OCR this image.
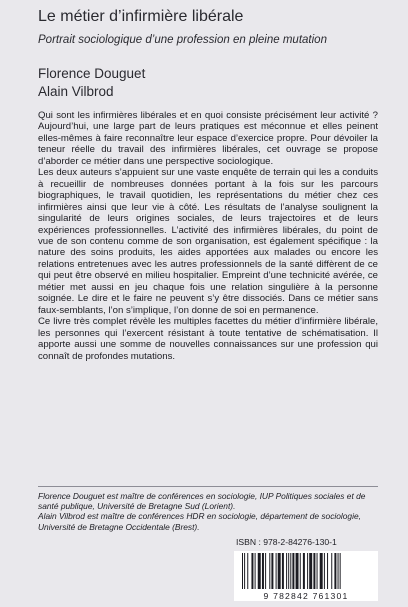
Le métier d’infirmière libérale
Portrait sociologique d’une profession en pleine mutation
Florence Douguet
Alain Vilbrod

Qui sont les infirmières libérales et en quoi consiste précisément leur activité ? Aujourd’hui, une large part de leurs pratiques est méconnue et elles peinent elles-mêmes à faire reconnaître leur espace d’exercice propre. Pour dévoiler la teneur réelle du travail des infirmières libérales, cet ouvrage se propose d’aborder ce métier dans une perspective sociologique.

Les deux auteurs s’appuient sur une vaste enquête de terrain qui les a conduits à recueillir de nombreuses données portant à la fois sur les parcours biographiques, le travail quotidien, les représentations du métier chez ces infirmières ainsi que leur vie à côté. Les résultats de l’analyse soulignent la singularité de leurs origines sociales, de leurs trajectoires et de leurs expériences professionnelles. L’activité des infirmières libérales, du point de vue de son contenu comme de son organisation, est également spécifique : la nature des soins produits, les aides apportées aux malades ou encore les relations entretenues avec les autres professionnels de la santé diffèrent de ce qui peut être observé en milieu hospitalier. Empreint d’une technicité avérée, ce métier met aussi en jeu chaque fois une relation singulière à la personne soignée. Le dire et le faire ne peuvent s’y être dissociés. Dans ce métier sans faux-semblants, l’on s’implique, l’on donne de soi en permanence.

Ce livre très complet révèle les multiples facettes du métier d’infirmière libérale, les personnes qui l’exercent résistant à toute tentative de schématisation. Il apporte aussi une somme de nouvelles connaissances sur une profession qui connaît de profondes mutations.

Florence Douguet est maître de conférences en sociologie, IUP Politiques sociales et de santé publique, Université de Bretagne Sud (Lorient).

Alain Vilbrod est maître de conférences HDR en sociologie, département de sociologie, Université de Bretagne Occidentale (Brest).

ISBN : 978-2-84276-130-1
9 782842 761301
